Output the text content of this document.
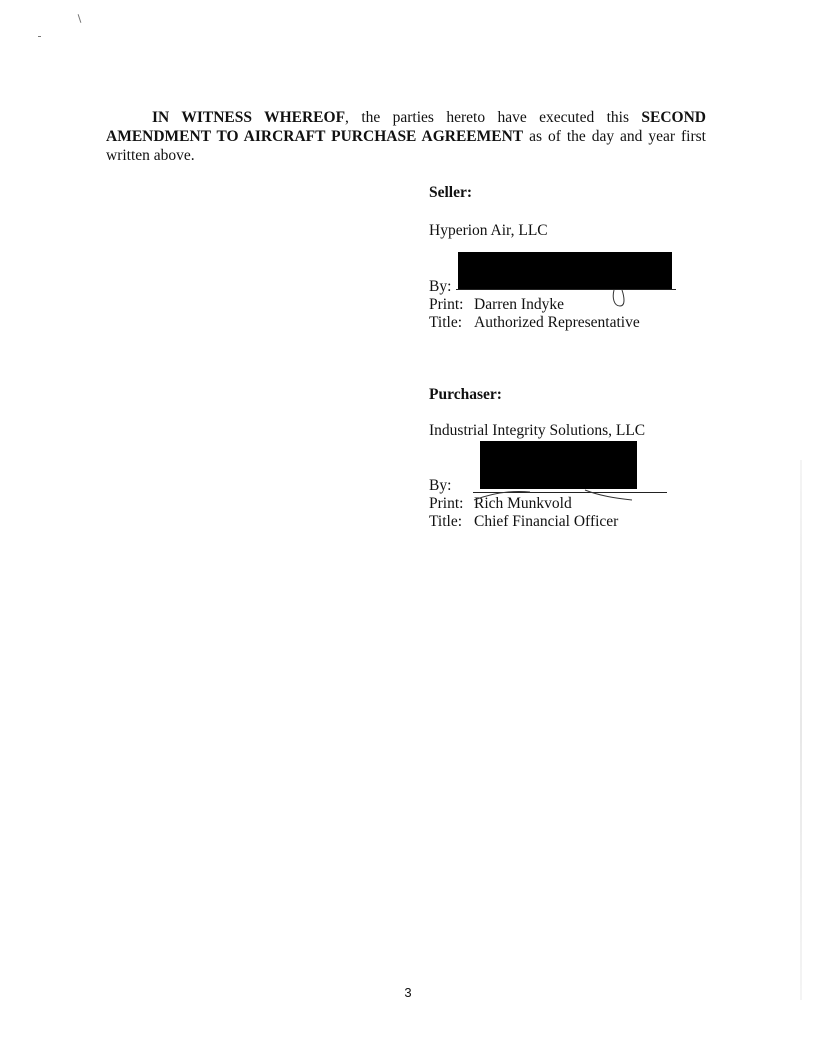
IN WITNESS WHEREOF, the parties hereto have executed this SECOND AMENDMENT TO AIRCRAFT PURCHASE AGREEMENT as of the day and year first written above.

Seller:
Hyperion Air, LLC
By:
Print: Darren Indyke
Title: Authorized Representative
Purchaser:
Industrial Integrity Solutions, LLC
By:
Print: Rich Munkvold
Title: Chief Financial Officer
3
